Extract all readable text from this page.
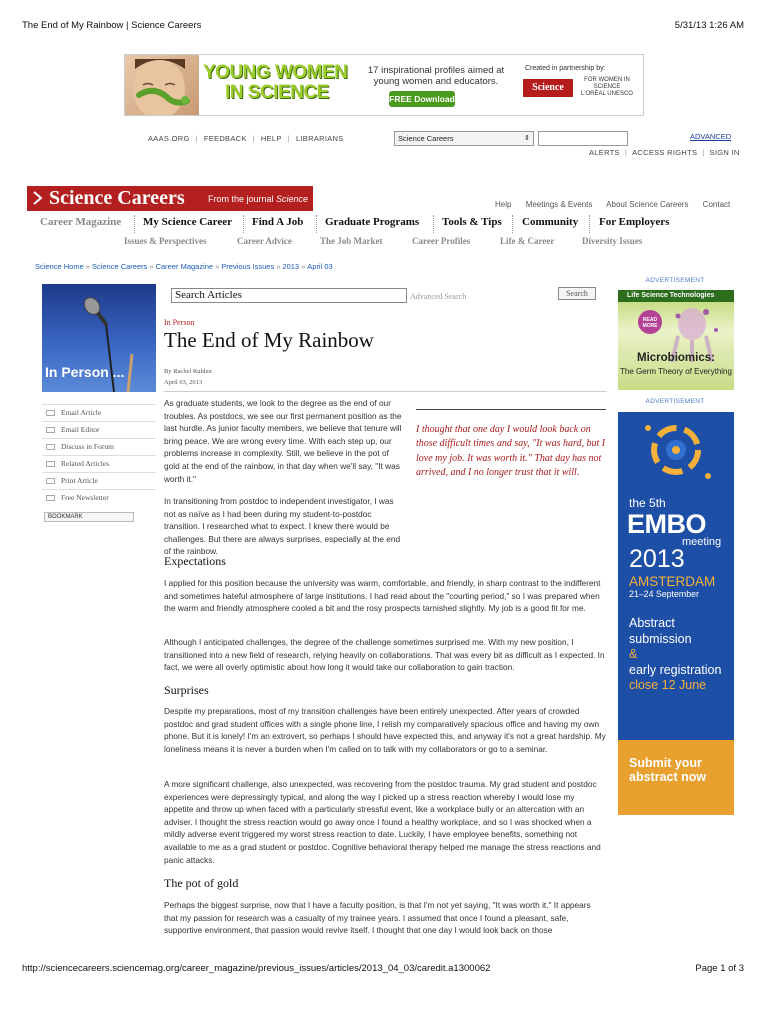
The End of My Rainbow | Science Careers	5/31/13 1:26 AM
YOUNG WOMEN
IN SCIENCE
17 inspirational profiles aimed at young women and educators.
FREE Download
Created in partnership by:
Science
FOR WOMEN IN SCIENCE L'ORÉAL UNESCO
AAAS.ORG | FEEDBACK | HELP | LIBRARIANS	Science Careers	⇕	ADVANCED
ALERTS | ACCESS RIGHTS | SIGN IN
Science Careers	From the journal Science
Help Meetings & Events About Science Careers Contact
Career Magazine My Science Career Find A Job Graduate Programs Tools & Tips Community For Employers
Issues & Perspectives	Career Advice	The Job Market	Career Profiles	Life & Career	Diversity Issues
Science Home » Science Careers » Career Magazine » Previous Issues » 2013 » April 03
In Person ...
Email Article
Email Editor
Discuss in Forum
Related Articles
Print Article
Free Newsletter
BOOKMARK
Search Articles	Advanced Search	Search
In Person
The End of My Rainbow
By Rachel Ruhlen
April 03, 2013
As graduate students, we look to the degree as the end of our troubles. As postdocs, we see our first permanent position as the last hurdle. As junior faculty members, we believe that tenure will bring peace. We are wrong every time. With each step up, our problems increase in complexity. Still, we believe in the pot of gold at the end of the rainbow, in that day when we'll say, "It was worth it."
In transitioning from postdoc to independent investigator, I was not as naïve as I had been during my student-to-postdoc transition. I researched what to expect. I knew there would be challenges. But there are always surprises, especially at the end of the rainbow.
I thought that one day I would look back on those difficult times and say, "It was hard, but I love my job. It was worth it." That day has not arrived, and I no longer trust that it will.
Expectations
I applied for this position because the university was warm, comfortable, and friendly, in sharp contrast to the indifferent and sometimes hateful atmosphere of large institutions. I had read about the "courting period," so I was prepared when the warm and friendly atmosphere cooled a bit and the rosy prospects tarnished slightly. My job is a good fit for me.
Although I anticipated challenges, the degree of the challenge sometimes surprised me. With my new position, I transitioned into a new field of research, relying heavily on collaborations. That was every bit as difficult as I expected. In fact, we were all overly optimistic about how long it would take our collaboration to gain traction.
Surprises
Despite my preparations, most of my transition challenges have been entirely unexpected. After years of crowded postdoc and grad student offices with a single phone line, I relish my comparatively spacious office and having my own phone. But it is lonely! I'm an extrovert, so perhaps I should have expected this, and anyway it's not a great hardship. My loneliness means it is never a burden when I'm called on to talk with my collaborators or go to a seminar.
A more significant challenge, also unexpected, was recovering from the postdoc trauma. My grad student and postdoc experiences were depressingly typical, and along the way I picked up a stress reaction whereby I would lose my appetite and throw up when faced with a particularly stressful event, like a workplace bully or an altercation with an adviser. I thought the stress reaction would go away once I found a healthy workplace, and so I was shocked when a mildly adverse event triggered my worst stress reaction to date. Luckily, I have employee benefits, something not available to me as a grad student or postdoc. Cognitive behavioral therapy helped me manage the stress reactions and panic attacks.
The pot of gold
Perhaps the biggest surprise, now that I have a faculty position, is that I'm not yet saying, "It was worth it." It appears that my passion for research was a casualty of my trainee years. I assumed that once I found a pleasant, safe, supportive environment, that passion would revive itself. I thought that one day I would look back on those
ADVERTISEMENT
Life Science Technologies
READ MORE
Microbiomics:
The Germ Theory of Everything
ADVERTISEMENT
the 5th
EMBO
meeting
2013
AMSTERDAM
21–24 September
Abstract submission
&
early registration
close 12 June
Submit your abstract now
http://sciencecareers.sciencemag.org/career_magazine/previous_issues/articles/2013_04_03/caredit.a1300062	Page 1 of 3
